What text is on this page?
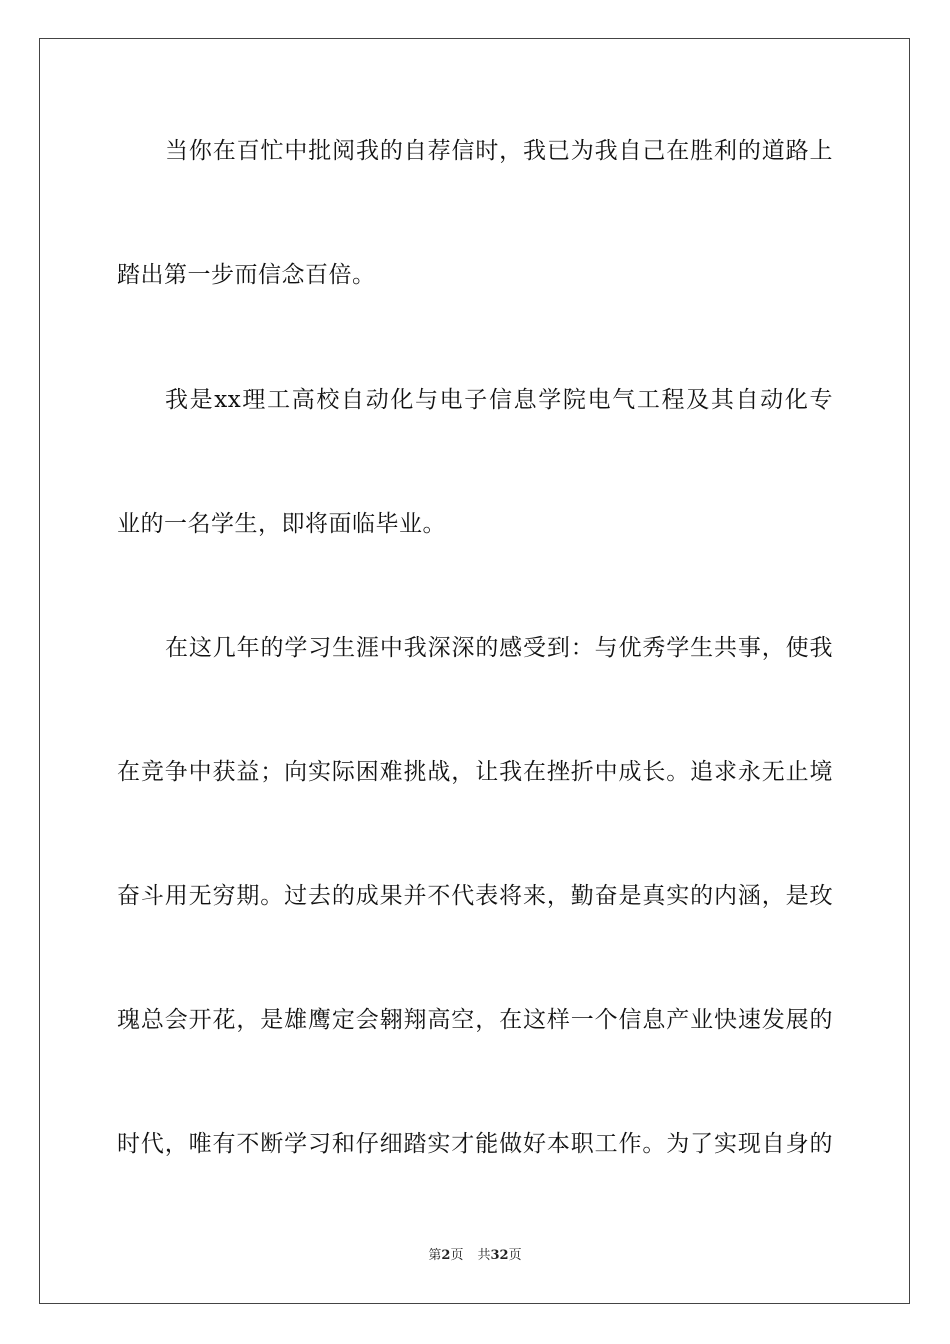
当你在百忙中批阅我的自荐信时，我已为我自己在胜利的道路上
踏出第一步而信念百倍。
我是xx理工高校自动化与电子信息学院电气工程及其自动化专
业的一名学生，即将面临毕业。
在这几年的学习生涯中我深深的感受到：与优秀学生共事，使我
在竞争中获益；向实际困难挑战，让我在挫折中成长。追求永无止境
奋斗用无穷期。过去的成果并不代表将来，勤奋是真实的内涵，是玫
瑰总会开花，是雄鹰定会翱翔高空，在这样一个信息产业快速发展的
时代，唯有不断学习和仔细踏实才能做好本职工作。为了实现自身的
第2页 共32页
